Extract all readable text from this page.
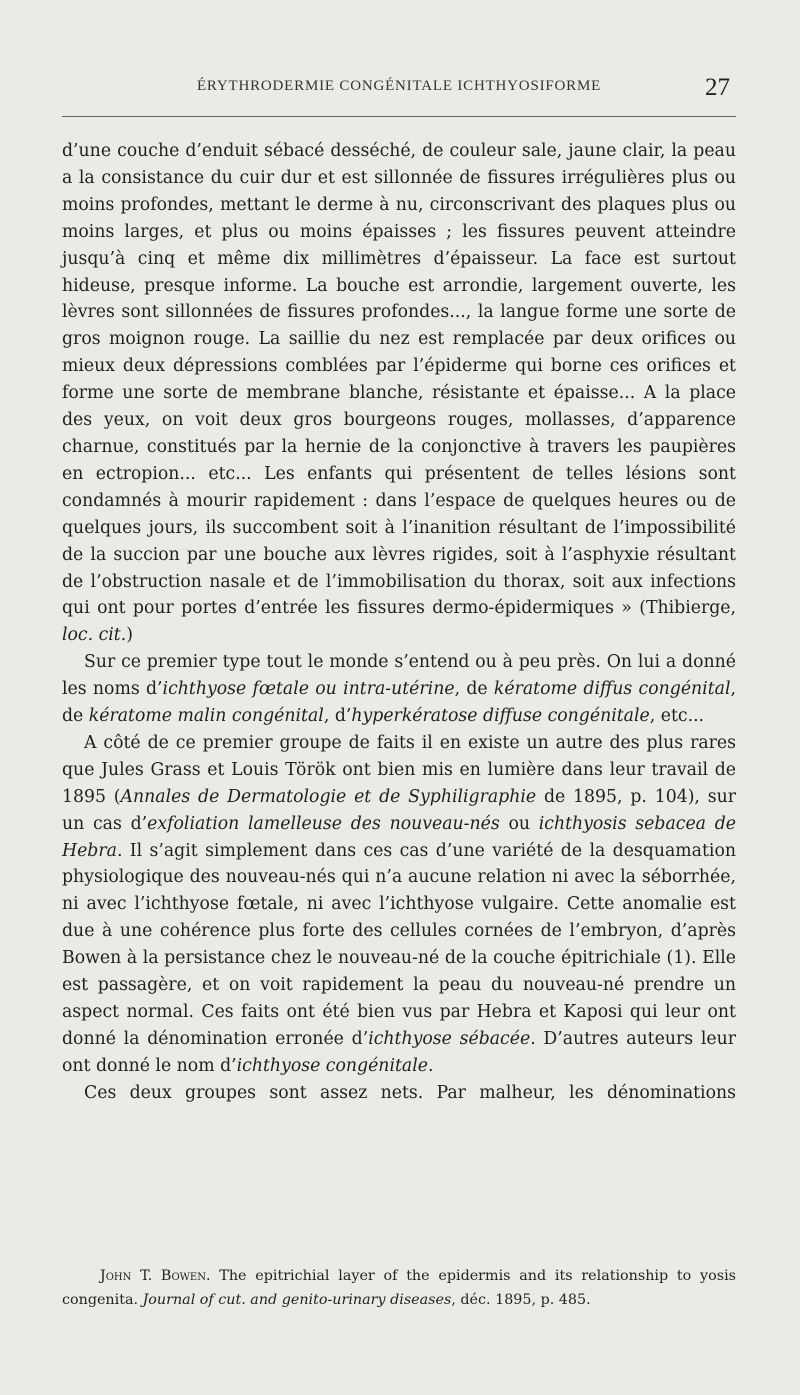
ÉRYTHRODERMIE CONGÉNITALE ICHTHYOSIFORME	27

d’une couche d’enduit sébacé desséché, de couleur sale, jaune clair, la peau a la consistance du cuir dur et est sillonnée de fissures irrégulières plus ou moins profondes, mettant le derme à nu, circonscrivant des plaques plus ou moins larges, et plus ou moins épaisses ; les fissures peuvent atteindre jusqu’à cinq et même dix millimètres d’épaisseur. La face est surtout hideuse, presque informe. La bouche est arrondie, largement ouverte, les lèvres sont sillonnées de fissures profondes..., la langue forme une sorte de gros moignon rouge. La saillie du nez est remplacée par deux orifices ou mieux deux dépressions comblées par l’épiderme qui borne ces orifices et forme une sorte de membrane blanche, résistante et épaisse... A la place des yeux, on voit deux gros bourgeons rouges, mollasses, d’apparence charnue, constitués par la hernie de la conjonctive à travers les paupières en ectropion... etc... Les enfants qui présentent de telles lésions sont condamnés à mourir rapidement : dans l’espace de quelques heures ou de quelques jours, ils succombent soit à l’inanition résultant de l’impossibilité de la succion par une bouche aux lèvres rigides, soit à l’asphyxie résultant de l’obstruction nasale et de l’immobilisation du thorax, soit aux infections qui ont pour portes d’entrée les fissures dermo-épidermiques » (Thibierge, loc. cit.)

Sur ce premier type tout le monde s’entend ou à peu près. On lui a donné les noms d’ichthyose fœtale ou intra-utérine, de kératome diffus congénital, de kératome malin congénital, d’hyperkératose diffuse congénitale, etc...

A côté de ce premier groupe de faits il en existe un autre des plus rares que Jules Grass et Louis Török ont bien mis en lumière dans leur travail de 1895 (Annales de Dermatologie et de Syphiligraphie de 1895, p. 104), sur un cas d’exfoliation lamelleuse des nouveau-nés ou ichthyosis sebacea de Hebra. Il s’agit simplement dans ces cas d’une variété de la desquamation physiologique des nouveau-nés qui n’a aucune relation ni avec la séborrhée, ni avec l’ichthyose fœtale, ni avec l’ichthyose vulgaire. Cette anomalie est due à une cohérence plus forte des cellules cornées de l’embryon, d’après Bowen à la persistance chez le nouveau-né de la couche épitrichiale (1). Elle est passagère, et on voit rapidement la peau du nouveau-né prendre un aspect normal. Ces faits ont été bien vus par Hebra et Kaposi qui leur ont donné la dénomination erronée d’ichthyose sébacée. D’autres auteurs leur ont donné le nom d’ichthyose congénitale.

Ces deux groupes sont assez nets. Par malheur, les dénominations

John T. Bowen. The epitrichial layer of the epidermis and its relationship to yosis congenita. Journal of cut. and genito-urinary diseases, déc. 1895, p. 485.
